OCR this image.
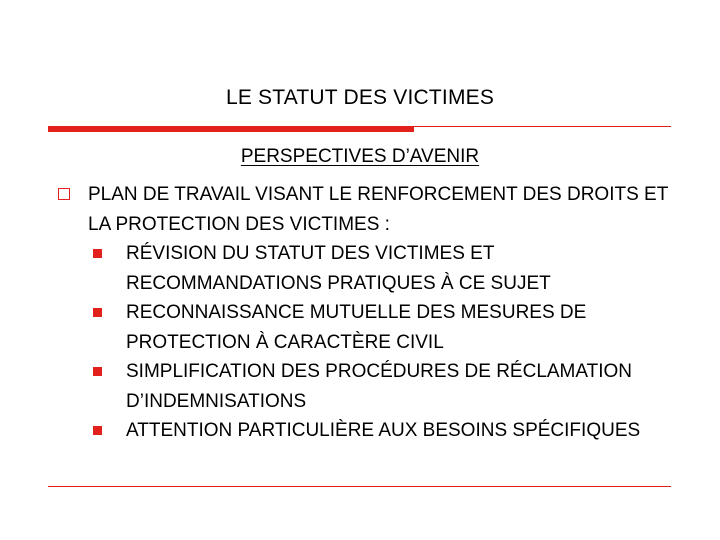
LE STATUT DES VICTIMES
PERSPECTIVES D’AVENIR
PLAN DE TRAVAIL VISANT LE RENFORCEMENT DES DROITS ET LA PROTECTION DES VICTIMES :
RÉVISION DU STATUT DES VICTIMES ET RECOMMANDATIONS PRATIQUES À CE SUJET
RECONNAISSANCE MUTUELLE DES MESURES DE PROTECTION À CARACTÈRE CIVIL
SIMPLIFICATION DES PROCÉDURES DE RÉCLAMATION D’INDEMNISATIONS
ATTENTION PARTICULIÈRE AUX BESOINS SPÉCIFIQUES
